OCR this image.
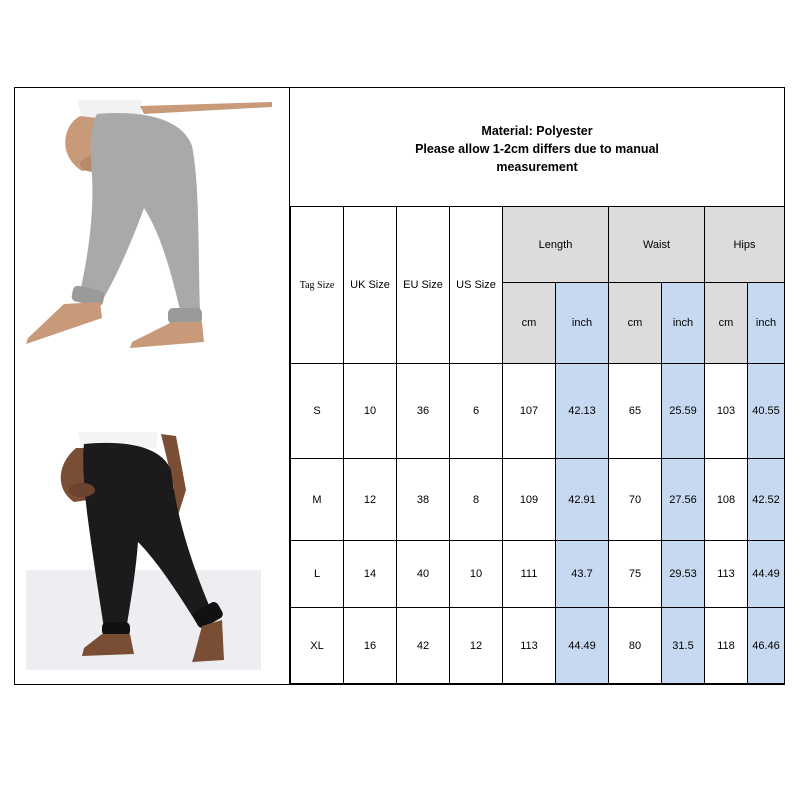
Material: Polyester
Please allow 1-2cm differs due to manual
measurement
Tag Size	UK Size	EU Size	US Size	Length		Waist		Hips	
				cm	inch	cm	inch	cm	inch
S	10	36	6	107	42.13	65	25.59	103	40.55
M	12	38	8	109	42.91	70	27.56	108	42.52
L	14	40	10	111	43.7	75	29.53	113	44.49
XL	16	42	12	113	44.49	80	31.5	118	46.46
